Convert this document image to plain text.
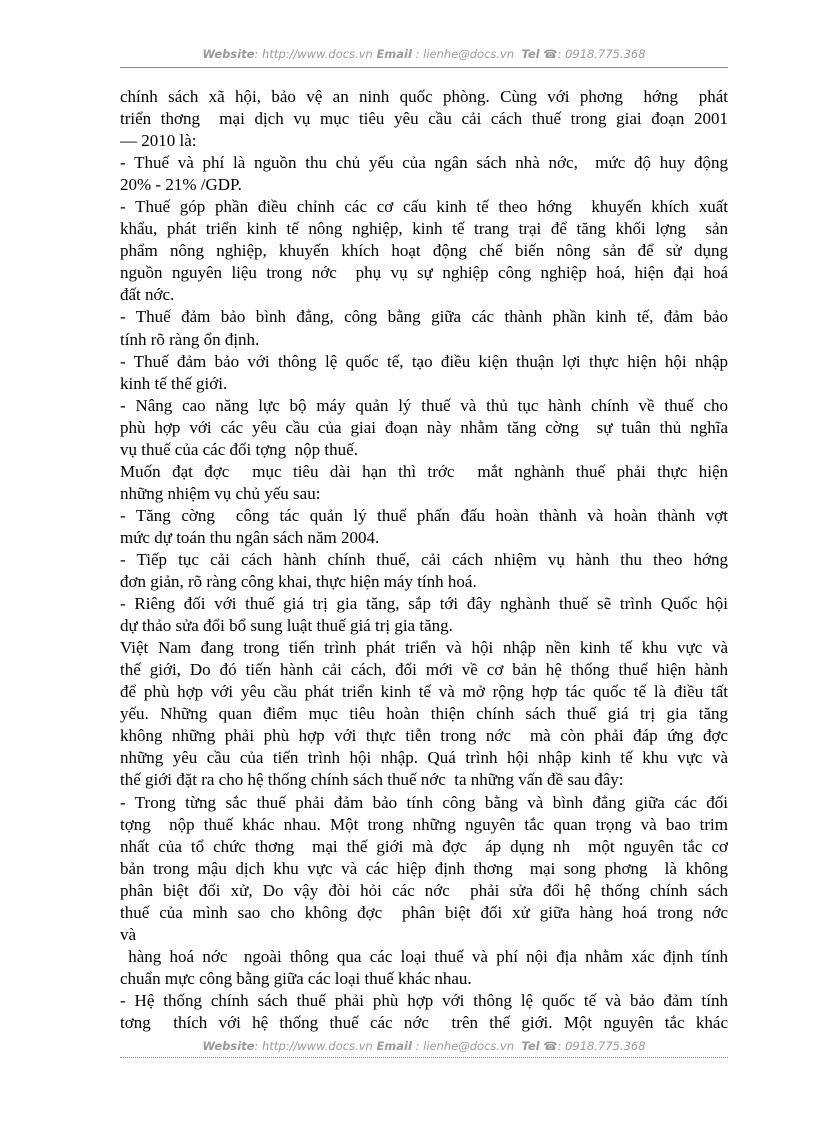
Website: http://www.docs.vn Email : lienhe@docs.vn Tel ☎: 0918.775.368
chính sách xã hội, bảo vệ an ninh quốc phòng. Cùng với phơng  hớng  phát
triển thơng  mại dịch vụ mục tiêu yêu cầu cải cách thuế trong giai đoạn 2001
— 2010 là:
- Thuế và phí là nguồn thu chủ yếu của ngân sách nhà nớc,  mức độ huy động
20% - 21% /GDP.
- Thuế góp phần điều chỉnh các cơ cấu kinh tế theo hớng  khuyến khích xuất
khẩu, phát triển kinh tế nông nghiệp, kinh tế trang trại để tăng khối lợng  sản
phẩm nông nghiệp, khuyến khích hoạt động chế biến nông sản để sử dụng
nguồn nguyên liệu trong nớc  phụ vụ sự nghiệp công nghiệp hoá, hiện đại hoá
đất nớc.
- Thuế đảm bảo bình đẳng, công bằng giữa các thành phần kinh tế, đảm bảo
tính rõ ràng ổn định.
- Thuế đảm bảo với thông lệ quốc tế, tạo điều kiện thuận lợi thực hiện hội nhập
kinh tế thế giới.
- Nâng cao năng lực bộ máy quản lý thuế và thủ tục hành chính về thuế cho
phù hợp với các yêu cầu của giai đoạn này nhằm tăng cờng  sự tuân thủ nghĩa
vụ thuế của các đối tợng  nộp thuế.
Muốn đạt đợc  mục tiêu dài hạn thì trớc  mắt nghành thuế phải thực hiện
những nhiệm vụ chủ yếu sau:
- Tăng cờng  công tác quản lý thuế phấn đấu hoàn thành và hoàn thành vợt
mức dự toán thu ngân sách năm 2004.
- Tiếp tục cải cách hành chính thuế, cải cách nhiệm vụ hành thu theo hớng
đơn giản, rõ ràng công khai, thực hiện máy tính hoá.
- Riêng đối với thuế giá trị gia tăng, sắp tới đây nghành thuế sẽ trình Quốc hội
dự thảo sửa đổi bổ sung luật thuế giá trị gia tăng.
Việt Nam đang trong tiến trình phát triển và hội nhập nền kinh tế khu vực và
thế giới, Do đó tiến hành cải cách, đổi mới về cơ bản hệ thống thuế hiện hành
để phù hợp với yêu cầu phát triển kinh tế và mở rộng hợp tác quốc tế là điều tất
yếu. Những quan điểm mục tiêu hoàn thiện chính sách thuế giá trị gia tăng
không những phải phù hợp với thực tiễn trong nớc  mà còn phải đáp ứng đợc
những yêu cầu của tiến trình hội nhập. Quá trình hội nhập kinh tế khu vực và
thế giới đặt ra cho hệ thống chính sách thuế nớc  ta những vấn đề sau đây:
- Trong từng sắc thuế phải đảm bảo tính công bằng và bình đẳng giữa các đối
tợng  nộp thuế khác nhau. Một trong những nguyên tắc quan trọng và bao trim
nhất của tổ chức thơng  mại thế giới mà đợc  áp dụng nh  một nguyên tắc cơ
bản trong mậu dịch khu vực và các hiệp định thơng  mại song phơng  là không
phân biệt đối xử, Do vậy đòi hỏi các nớc  phải sửa đổi hệ thống chính sách
thuế của mình sao cho không đợc  phân biệt đối xử giữa hàng hoá trong nớc
và
hàng hoá nớc  ngoài thông qua các loại thuế và phí nội địa nhằm xác định tính
chuẩn mực công bằng giữa các loại thuế khác nhau.
- Hệ thống chính sách thuế phải phù hợp với thông lệ quốc tế và bảo đảm tính
tơng  thích với hệ thống thuế các nớc  trên thế giới. Một nguyên tắc khác
Website: http://www.docs.vn Email : lienhe@docs.vn Tel ☎: 0918.775.368
